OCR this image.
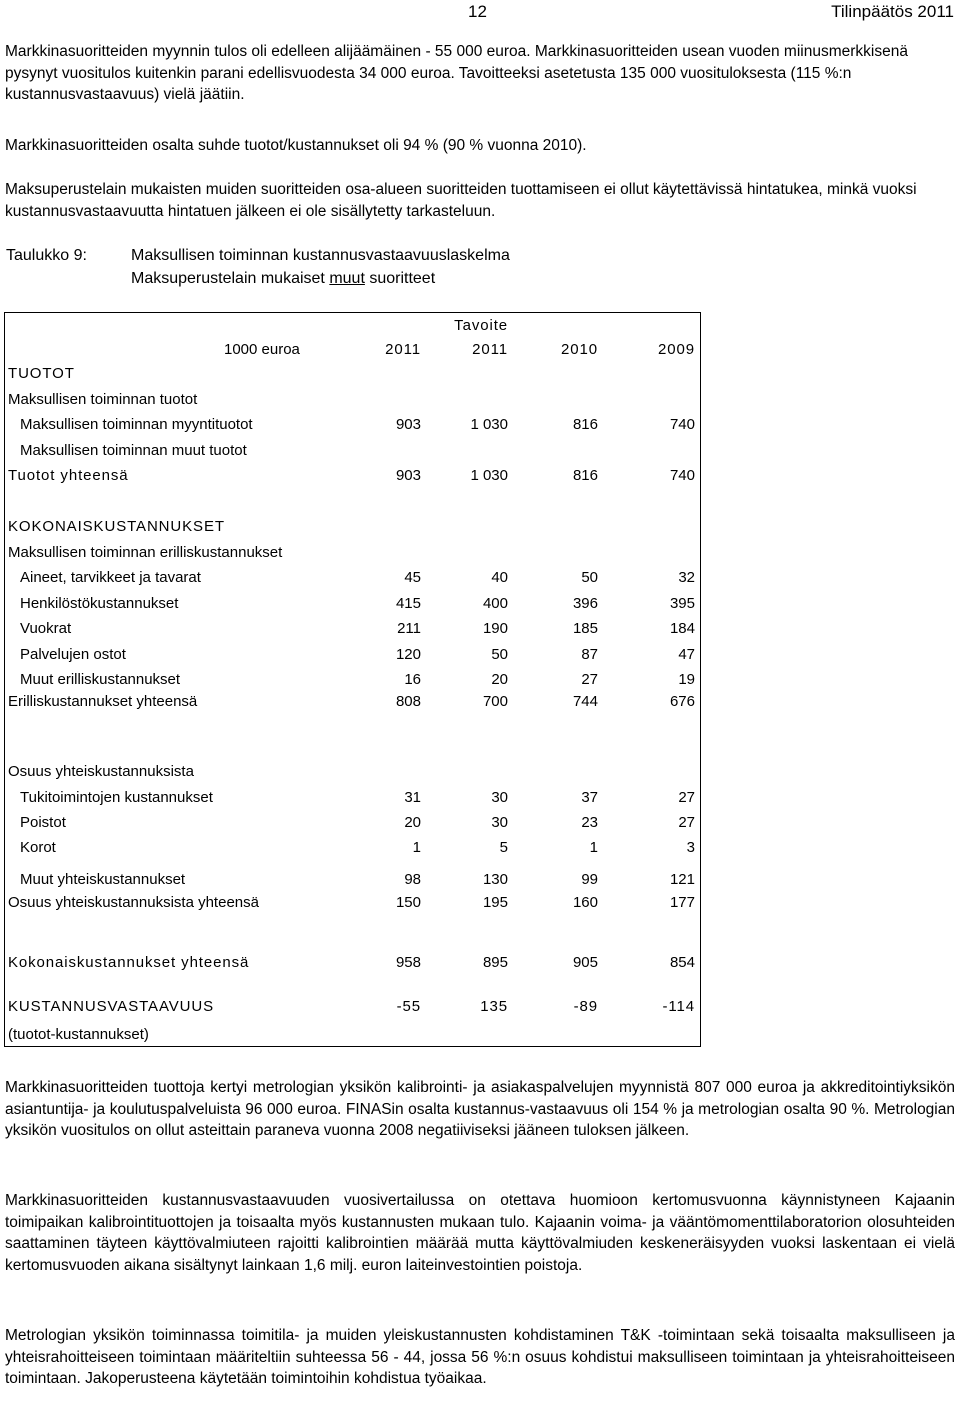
12	Tilinpäätös 2011

Markkinasuoritteiden myynnin tulos oli edelleen alijäämäinen - 55 000 euroa. Markkinasuoritteiden usean vuoden miinusmerkkisenä pysynyt vuositulos kuitenkin parani edellisvuodesta 34 000 euroa. Tavoitteeksi asetetusta 135 000 vuosituloksesta (115 %:n kustannusvastaavuus) vielä jäätiin.

Markkinasuoritteiden osalta suhde tuotot/kustannukset oli 94 % (90 % vuonna 2010).

Maksuperustelain mukaisten muiden suoritteiden osa-alueen suoritteiden tuottamiseen ei ollut käytettävissä hintatukea, minkä vuoksi kustannusvastaavuutta hintatuen jälkeen ei ole sisällytetty tarkasteluun.

Taulukko 9:	Maksullisen toiminnan kustannusvastaavuuslaskelma
Maksuperustelain mukaiset muut suoritteet
Tavoite
1000 euroa	2011	2011	2010	2009
TUOTOT
Maksullisen toiminnan tuotot
Maksullisen toiminnan myyntituotot	903	1 030	816	740
Maksullisen toiminnan muut tuotot
Tuotot yhteensä	903	1 030	816	740
KOKONAISKUSTANNUKSET
Maksullisen toiminnan erilliskustannukset
Aineet, tarvikkeet ja tavarat	45	40	50	32
Henkilöstökustannukset	415	400	396	395
Vuokrat	211	190	185	184
Palvelujen ostot	120	50	87	47
Muut erilliskustannukset	16	20	27	19
Erilliskustannukset yhteensä	808	700	744	676
Osuus yhteiskustannuksista
Tukitoimintojen kustannukset	31	30	37	27
Poistot	20	30	23	27
Korot	1	5	1	3
Muut yhteiskustannukset	98	130	99	121
Osuus yhteiskustannuksista yhteensä	150	195	160	177
Kokonaiskustannukset yhteensä	958	895	905	854
KUSTANNUSVASTAAVUUS	-55	135	-89	-114
(tuotot-kustannukset)

Markkinasuoritteiden tuottoja kertyi metrologian yksikön kalibrointi- ja asiakaspalvelujen myynnistä 807 000 euroa ja akkreditointiyksikön asiantuntija- ja koulutuspalveluista 96 000 euroa. FINASin osalta kustannus-vastaavuus oli 154 % ja metrologian osalta 90 %. Metrologian yksikön vuositulos on ollut asteittain paraneva vuonna 2008 negatiiviseksi jääneen tuloksen jälkeen.

Markkinasuoritteiden kustannusvastaavuuden vuosivertailussa on otettava huomioon kertomusvuonna käynnistyneen Kajaanin toimipaikan kalibrointituottojen ja toisaalta myös kustannusten mukaan tulo. Kajaanin voima- ja vääntömomenttilaboratorion olosuhteiden saattaminen täyteen käyttövalmiuteen rajoitti kalibrointien määrää mutta käyttövalmiuden keskeneräisyyden vuoksi laskentaan ei vielä kertomusvuoden aikana sisältynyt lainkaan 1,6 milj. euron laiteinvestointien poistoja.

Metrologian yksikön toiminnassa toimitila- ja muiden yleiskustannusten kohdistaminen T&K -toimintaan sekä toisaalta maksulliseen ja yhteisrahoitteiseen toimintaan määriteltiin suhteessa 56 - 44, jossa 56 %:n osuus kohdistui maksulliseen toimintaan ja yhteisrahoitteiseen toimintaan. Jakoperusteena käytetään toimintoihin kohdistua työaikaa.
